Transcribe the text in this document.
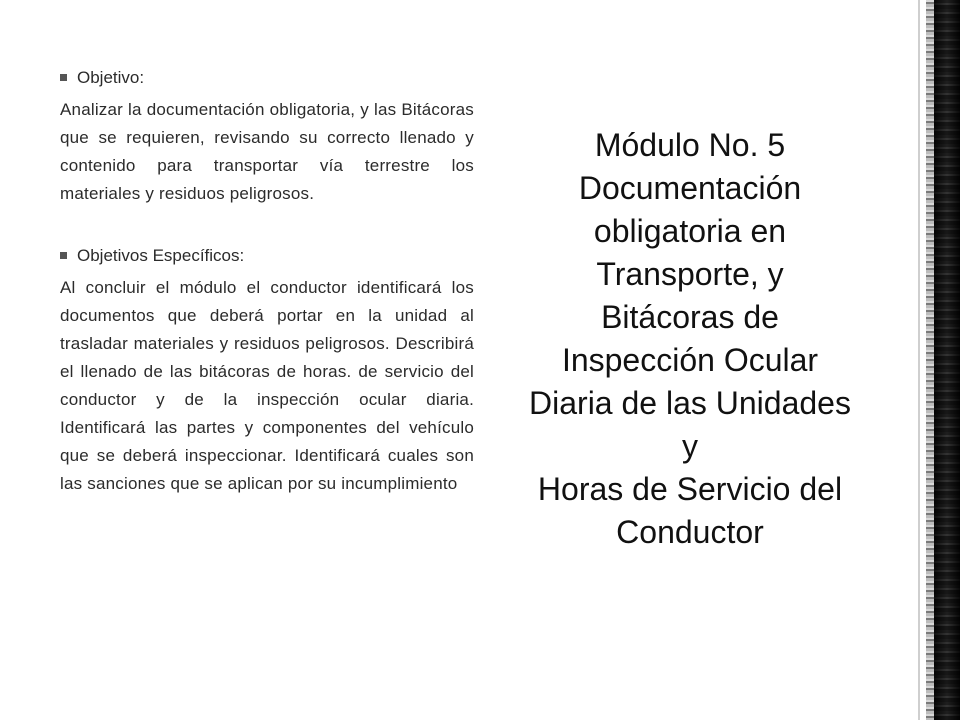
Objetivo:

Analizar la documentación obligatoria, y las Bitácoras que se requieren, revisando su correcto llenado y contenido para transportar vía terrestre los materiales y residuos peligrosos.

Objetivos Específicos:

Al concluir el módulo el conductor identificará los documentos que deberá portar en la unidad al trasladar materiales y residuos peligrosos. Describirá el llenado de las bitácoras de horas. de servicio del conductor y de la inspección ocular diaria. Identificará las partes y componentes del vehículo que se deberá inspeccionar. Identificará cuales son las sanciones que se aplican por su incumplimiento

Módulo No. 5
Documentación
obligatoria en
Transporte, y
Bitácoras de
Inspección Ocular
Diaria de las Unidades
y
Horas de Servicio del
Conductor
